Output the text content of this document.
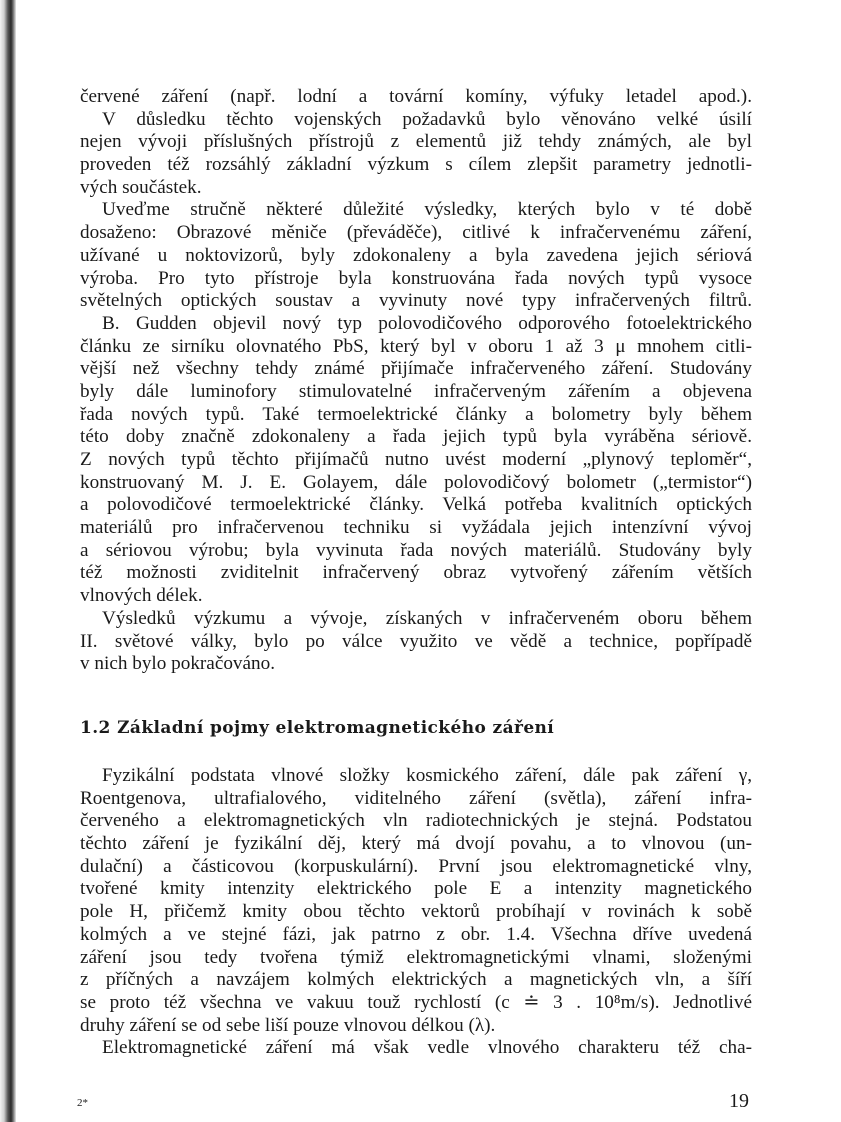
červené záření (např. lodní a tovární komíny, výfuky letadel apod.).
V důsledku těchto vojenských požadavků bylo věnováno velké úsilí
nejen vývoji příslušných přístrojů z elementů již tehdy známých, ale byl
proveden též rozsáhlý základní výzkum s cílem zlepšit parametry jednotli-
vých součástek.
Uveďme stručně některé důležité výsledky, kterých bylo v té době
dosaženo: Obrazové měniče (převáděče), citlivé k infračervenému záření,
užívané u noktovizorů, byly zdokonaleny a byla zavedena jejich sériová
výroba. Pro tyto přístroje byla konstruována řada nových typů vysoce
světelných optických soustav a vyvinuty nové typy infračervených filtrů.
B. Gudden objevil nový typ polovodičového odporového fotoelektrického
článku ze sirníku olovnatého PbS, který byl v oboru 1 až 3 μ mnohem citli-
vější než všechny tehdy známé přijímače infračerveného záření. Studovány
byly dále luminofory stimulovatelné infračerveným zářením a objevena
řada nových typů. Také termoelektrické články a bolometry byly během
této doby značně zdokonaleny a řada jejich typů byla vyráběna sériově.
Z nových typů těchto přijímačů nutno uvést moderní „plynový teploměr“,
konstruovaný M. J. E. Golayem, dále polovodičový bolometr („termistor“)
a polovodičové termoelektrické články. Velká potřeba kvalitních optických
materiálů pro infračervenou techniku si vyžádala jejich intenzívní vývoj
a sériovou výrobu; byla vyvinuta řada nových materiálů. Studovány byly
též možnosti zviditelnit infračervený obraz vytvořený zářením větších
vlnových délek.
Výsledků výzkumu a vývoje, získaných v infračerveném oboru během
II. světové války, bylo po válce využito ve vědě a technice, popřípadě
v nich bylo pokračováno.
1.2 Základní pojmy elektromagnetického záření
Fyzikální podstata vlnové složky kosmického záření, dále pak záření γ,
Roentgenova, ultrafialového, viditelného záření (světla), záření infra-
červeného a elektromagnetických vln radiotechnických je stejná. Podstatou
těchto záření je fyzikální děj, který má dvojí povahu, a to vlnovou (un-
dulační) a částicovou (korpuskulární). První jsou elektromagnetické vlny,
tvořené kmity intenzity elektrického pole E a intenzity magnetického
pole H, přičemž kmity obou těchto vektorů probíhají v rovinách k sobě
kolmých a ve stejné fázi, jak patrno z obr. 1.4. Všechna dříve uvedená
záření jsou tedy tvořena týmiž elektromagnetickými vlnami, složenými
z příčných a navzájem kolmých elektrických a magnetických vln, a šíří
se proto též všechna ve vakuu touž rychlostí (c ≐ 3 . 10⁸m/s). Jednotlivé
druhy záření se od sebe liší pouze vlnovou délkou (λ).
Elektromagnetické záření má však vedle vlnového charakteru též cha-
2*	19
